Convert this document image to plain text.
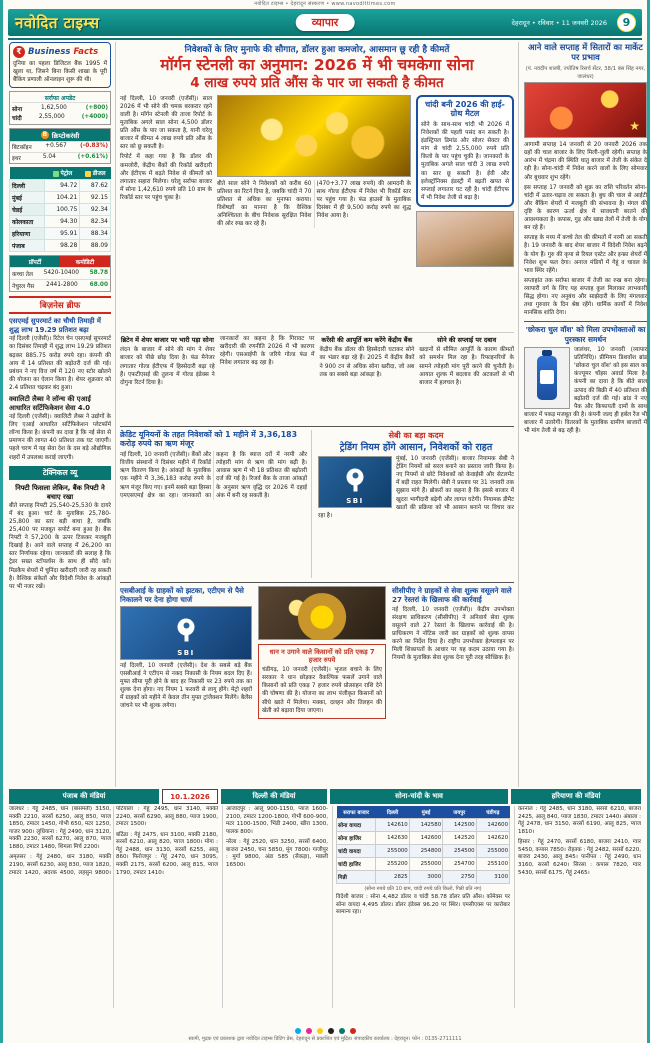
नवोदित टाइम्स • देहरादून संस्करण • www.navodittimes.com
नवोदित टाइम्स	व्यापार	देहरादून • रविवार • 11 जनवरी 2026	9
₹ Business Facts

दुनिया का पहला डिजिटल बैंक 1995 में खुला था, जिसने बिना किसी शाखा के पूरी बैंकिंग प्रणाली ऑनलाइन शुरू की थी।

सर्राफा अपडेट
सोना	1,62,500	(+800)
चांदी	2,55,000	(+4000)
B क्रिप्टोकरंसी
बिटकॉइन +0.567 (-0.83%)
इथर	5.04	(+0.61%)
	पेट्रोल	डीजल
दिल्ली	94.72	87.62
मुंबई	104.21	92.15
चेन्नई	100.75	92.34
कोलकाता	94.30	82.34
हरियाणा	95.91	88.34
पंजाब	98.28	88.09
प्रॉपर्टी	कमोडिटी
कच्चा तेल 5420-10400 58.78
नेचुरल गैस 2441-2800 68.00
बिज़नेस ब्रीफ
एसएमई सुपरमार्ट का चौथी तिमाही में शुद्ध लाभ 19.29 प्रतिशत बढ़ा

नई दिल्ली (एजेंसी)। रिटेल चेन एसएमई सुपरमार्ट का दिसंबर तिमाही में शुद्ध लाभ 19.29 प्रतिशत बढ़कर 885.75 करोड़ रुपये रहा। कंपनी की आय में 14 प्रतिशत की बढ़ोतरी दर्ज की गई। प्रबंधन ने नए वित्त वर्ष में 120 नए स्टोर खोलने की योजना का ऐलान किया है। शेयर शुक्रवार को 2.4 प्रतिशत चढ़कर बंद हुआ।

क्वालिटी लैब्स ने लॉन्च की एआई आधारित सर्टिफिकेशन सेवा 4.0

नई दिल्ली (एजेंसी)। क्वालिटी लैब्स ने उद्योगों के लिए एआई आधारित सर्टिफिकेशन प्लेटफॉर्म लॉन्च किया है। कंपनी का दावा है कि नई सेवा से प्रमाणन की लागत 40 प्रतिशत तक घट जाएगी। पहले चरण में यह सेवा देश के दस बड़े औद्योगिक शहरों में उपलब्ध कराई जाएगी।

टेक्निकल व्यू
निफ्टी फिसला लेकिन, बैंक निफ्टी ने बचाए रखा

बीते सप्ताह निफ्टी 25,540-25,530 के दायरे में बंद हुआ। चार्ट के मुताबिक 25,780-25,800 का स्तर बड़ी बाधा है, जबकि 25,400 पर मजबूत सपोर्ट बना हुआ है। बैंक निफ्टी ने 57,200 के ऊपर टिककर मजबूती दिखाई है। आने वाले सप्ताह में 26,200 का स्तर निर्णायक रहेगा। जानकारों की सलाह है कि ट्रेडर सख्त स्टॉपलॉस के साथ ही सौदे करें। मिडकैप शेयरों में चुनिंदा खरीदारी जारी रह सकती है। वैश्विक संकेतों और विदेशी निवेश के आंकड़ों पर भी नजर रखें।

निवेशकों के लिए मुनाफे की सौगात, डॉलर हुआ कमजोर, आसमान छू रही है कीमतें
मॉर्गन स्टेनली का अनुमान: 2026 में भी चमकेगा सोना
4 लाख रुपये प्रति औंस के पार जा सकती है कीमत

नई दिल्ली, 10 जनवरी (एजेंसी)। साल 2026 में भी सोने की चमक बरकरार रहने वाली है। मॉर्गन स्टेनली की ताजा रिपोर्ट के मुताबिक अगले साल सोना 4,500 डॉलर प्रति औंस के पार जा सकता है, यानी घरेलू बाजार में कीमत 4 लाख रुपये प्रति औंस के स्तर को छू सकती है।

रिपोर्ट में कहा गया है कि डॉलर की कमजोरी, केंद्रीय बैंकों की रिकॉर्ड खरीदारी और ईटीएफ में बढ़ते निवेश से कीमतों को लगातार सहारा मिलेगा। घरेलू सर्राफा बाजार में सोना 1,42,610 रुपये प्रति 10 ग्राम के रिकॉर्ड स्तर पर पहुंच चुका है।

बीते साल सोने ने निवेशकों को करीब 60 प्रतिशत का रिटर्न दिया है, जबकि चांदी ने 70 प्रतिशत से अधिक का मुनाफा कराया। विशेषज्ञों का मानना है कि वैश्विक अनिश्चितता के बीच निवेशक सुरक्षित निवेश की ओर रुख कर रहे हैं।

(470+3.77 लाख रुपये) की आमदनी के साथ गोल्ड ईटीएफ में निवेश भी रिकॉर्ड स्तर पर पहुंच गया है। फंड हाउसों के मुताबिक दिसंबर में ही 9,500 करोड़ रुपये का शुद्ध निवेश आया है।

चांदी बनी 2026 की हाई-ग्रोथ मैटल

सोने के साथ-साथ चांदी भी 2026 में निवेशकों की पहली पसंद बन सकती है। इंडस्ट्रियल डिमांड और सोलर सेक्टर की मांग से चांदी 2,55,000 रुपये प्रति किलो के पार पहुंच चुकी है। जानकारों के मुताबिक अगले साल चांदी 3 लाख रुपये का स्तर छू सकती है। ईवी और इलेक्ट्रॉनिक्स इंडस्ट्री में बढ़ती खपत से सप्लाई लगातार घट रही है। चांदी ईटीएफ में भी निवेश तेजी से बढ़ा है।

ब्रिटेन में शेयर बाजार पर भारी पड़ा सोना

लंदन के बाजार में सोने की मांग ने शेयर बाजार को पीछे छोड़ दिया है। फंड मैनेजर लगातार गोल्ड ईटीएफ में हिस्सेदारी बढ़ा रहे हैं। एफटीएसई की तुलना में गोल्ड इंडेक्स ने दोगुना रिटर्न दिया है।

जानकारों का कहना है कि गिरावट पर खरीदारी की रणनीति 2026 में भी कारगर रहेगी। एसआईपी के जरिये गोल्ड फंड में निवेश लगातार बढ़ रहा है।

करेंसी की आपूर्ति कम करेंगे केंद्रीय बैंक

केंद्रीय बैंक डॉलर की हिस्सेदारी घटाकर सोने का भंडार बढ़ा रहे हैं। 2025 में केंद्रीय बैंकों ने 900 टन से अधिक सोना खरीदा, जो अब तक का सबसे बड़ा आंकड़ा है।

सोने की सप्लाई पर दबाव

खदानों से सीमित आपूर्ति के कारण कीमतों को समर्थन मिल रहा है। रिफाइनरियों के सामने त्योहारी मांग पूरी करने की चुनौती है। आयात शुल्क में बदलाव की अटकलों से भी बाजार में हलचल है।

क्रेडिट यूनियनों के तहत निवेशकों को 1 महीने में 3,36,183 करोड़ रुपये का ऋण मंजूर

नई दिल्ली, 10 जनवरी (एजेंसी)। बैंकों और वित्तीय संस्थानों ने दिसंबर महीने में रिकॉर्ड ऋण वितरण किया है। आंकड़ों के मुताबिक एक महीने में 3,36,183 करोड़ रुपये के ऋण मंजूर किए गए। इनमें सबसे बड़ा हिस्सा एमएसएमई क्षेत्र का रहा। जानकारों का कहना है कि ब्याज दरों में नरमी और त्योहारी मांग से ऋण की मांग बढ़ी है। आवास ऋण में भी 18 प्रतिशत की बढ़ोतरी दर्ज की गई है। रिजर्व बैंक के ताजा आंकड़ों के अनुसार ऋण वृद्धि दर 2026 में दहाई अंक में बनी रह सकती है।

सेबी का बड़ा कदम
ट्रेडिंग नियम होंगे आसान, निवेशकों को राहत
SBI

मुंबई, 10 जनवरी (एजेंसी)। बाजार नियामक सेबी ने ट्रेडिंग नियमों को सरल बनाने का प्रस्ताव जारी किया है। नए नियमों से छोटे निवेशकों को केवाईसी और सेटलमेंट में बड़ी राहत मिलेगी। सेबी ने प्रस्ताव पर 31 जनवरी तक सुझाव मांगे हैं। ब्रोकरों का कहना है कि इससे बाजार में खुदरा भागीदारी बढ़ेगी और लागत घटेगी। नियामक डीमैट खातों की प्रक्रिया को भी आसान बनाने पर विचार कर रहा है।

एसबीआई के ग्राहकों को झटका, एटीएम से पैसे निकालने पर देना होगा चार्ज
SBI

नई दिल्ली, 10 जनवरी (एजेंसी)। देश के सबसे बड़े बैंक एसबीआई ने एटीएम से नकद निकासी के नियम बदल दिए हैं। मुफ्त सीमा पूरी होने के बाद हर निकासी पर 23 रुपये तक का शुल्क देना होगा। नए नियम 1 फरवरी से लागू होंगे। मेट्रो शहरों में ग्राहकों को महीने में केवल तीन मुफ्त ट्रांजैक्शन मिलेंगे। बैलेंस जांचने पर भी शुल्क लगेगा।

धान न उगाने वाले किसानों को प्रति एकड़ 7 हजार रुपये

चंडीगढ़, 10 जनवरी (एजेंसी)। भूजल बचाने के लिए सरकार ने धान छोड़कर वैकल्पिक फसलें उगाने वाले किसानों को प्रति एकड़ 7 हजार रुपये प्रोत्साहन राशि देने की घोषणा की है। योजना का लाभ पंजीकृत किसानों को सीधे खाते में मिलेगा। मक्का, दलहन और तिलहन की खेती को बढ़ावा दिया जाएगा।

सीसीपीए ने ग्राहकों से सेवा शुल्क वसूलने वाले 27 रेस्तरां के खिलाफ की कार्रवाई

नई दिल्ली, 10 जनवरी (एजेंसी)। केंद्रीय उपभोक्ता संरक्षण प्राधिकरण (सीसीपीए) ने अनिवार्य सेवा शुल्क वसूलने वाले 27 रेस्तरां के खिलाफ कार्रवाई की है। प्राधिकरण ने नोटिस जारी कर ग्राहकों को शुल्क वापस करने का निर्देश दिया है। राष्ट्रीय उपभोक्ता हेल्पलाइन पर मिली शिकायतों के आधार पर यह कदम उठाया गया है। नियमों के मुताबिक सेवा शुल्क देना पूरी तरह स्वैच्छिक है।

आने वाले सप्ताह में सितारों का मार्केट पर प्रभाव
(पं. नवदीप शास्त्री, ज्योतिष रिसर्च सेंटर, 38/1 बंस सिंह नगर, जालंधर)
★

आगामी सप्ताह 14 जनवरी से 20 जनवरी 2026 तक ग्रहों की चाल बाजार के लिए मिली-जुली रहेगी। सप्ताह के आरंभ में चंद्रमा की स्थिति धातु बाजार में तेजी के संकेत दे रही है। सोना-चांदी में निवेश करने वालों के लिए सोमवार और बुधवार शुभ रहेंगे।

इस सप्ताह 17 जनवरी को शुक्र का राशि परिवर्तन सोना-चांदी में उतार-चढ़ाव ला सकता है। बुध की चाल से आईटी और बैंकिंग शेयरों में मजबूती की संभावना है। मंगल की दृष्टि के कारण ऊर्जा क्षेत्र में सावधानी बरतने की आवश्यकता है। कपास, गुड़ और खाद्य तेलों में तेजी के योग बन रहे हैं।

सप्ताह के मध्य में कच्चे तेल की कीमतों में नरमी आ सकती है। 19 जनवरी के बाद शेयर बाजार में विदेशी निवेश बढ़ने के योग हैं। गुरु की कृपा से रियल एस्टेट और इन्फ्रा शेयरों में निवेश शुभ फल देगा। अनाज मंडियों में गेहूं व चावल के भाव स्थिर रहेंगे।

सप्ताहांत तक सर्राफा बाजार में तेजी का रुख बना रहेगा। व्यापारी वर्ग के लिए यह सप्ताह कुल मिलाकर लाभकारी सिद्ध होगा। नए अनुबंध और साझेदारी के लिए मंगलवार तथा गुरुवार के दिन श्रेष्ठ रहेंगे। धार्मिक कार्यों में निवेश मानसिक शांति देगा।

'छोकरा चुल वॉश' को मिला उपभोक्ताओं का पुरस्कार समर्थन

जालंधर, 10 जनवरी (व्यापार प्रतिनिधि)। प्रीमियम डिशवॉश ब्रांड 'छोकरा चुल वॉश' को इस साल का कंज्यूमर चॉइस अवार्ड मिला है। कंपनी का दावा है कि बीते साल उत्पाद की बिक्री में 40 प्रतिशत की बढ़ोतरी दर्ज की गई। ब्रांड ने नए पैक और किफायती दामों के साथ बाजार में पकड़ मजबूत की है। कंपनी जल्द ही हर्बल रेंज भी बाजार में उतारेगी। वितरकों के मुताबिक ग्रामीण बाजारों में भी मांग तेजी से बढ़ रही है।

पंजाब की मंडियां	10.1.2026	दिल्ली की मंडियां	सोना-चांदी के भाव	हरियाणा की मंडियां

जालंधर : गेहूं 2485, धान (बासमती) 3150, मक्की 2210, सरसों 6250, आलू 850, प्याज 1850, टमाटर 1450, गोभी 650, मटर 1250, गाजर 900। लुधियाना : गेहूं 2490, धान 3120, मक्की 2230, सरसों 6270, आलू 870, प्याज 1880, टमाटर 1480, शिमला मिर्च 2200।

अमृतसर : गेहूं 2480, धान 3180, मक्की 2190, सरसों 6230, आलू 830, प्याज 1820, टमाटर 1420, अदरक 4500, लहसुन 9800। पटियाला : गेहूं 2495, धान 3140, मक्की 2240, सरसों 6290, आलू 880, प्याज 1900, टमाटर 1500।

बठिंडा : गेहूं 2475, धान 3100, मक्की 2180, सरसों 6210, आलू 820, प्याज 1800। मोगा : गेहूं 2488, धान 3130, सरसों 6255, आलू 860। फिरोजपुर : गेहूं 2470, धान 3095, मक्की 2175, सरसों 6200, आलू 815, प्याज 1790, टमाटर 1410।

आजादपुर : आलू 900-1150, प्याज 1600-2100, टमाटर 1200-1800, गोभी 600-900, मटर 1100-1500, भिंडी 2400, खीरा 1300, पालक 800।

नरेला : गेहूं 2520, धान 3250, सरसों 6400, बाजरा 2450, चना 5850, मूंग 7800। गाजीपुर : मुर्गा 9800, अंडा 585 (सैकड़ा), मछली 16500।

सराफा बाजार	दिल्ली	मुंबई	जयपुर	चंडीगढ़
सोना वायदा	142610	142580	142500	142600
सोना हाजिर	142630	142600	142520	142620
चांदी वायदा	255000	254800	254500	255000
चांदी हाजिर	255200	255000	254700	255100
गिन्नी	2825	3000	2750	3100
(सोना रुपये प्रति 10 ग्राम, चांदी रुपये प्रति किलो, गिन्नी प्रति नग)

विदेशी बाजार : सोना 4,482 डॉलर व चांदी 58.78 डॉलर प्रति औंस। कॉमेक्स पर सोना वायदा 4,495 डॉलर। डॉलर इंडेक्स 96.20 पर स्थिर। एमसीएक्स पर कारोबार सामान्य रहा।

करनाल : गेहूं 2485, धान 3180, सरसों 6210, बाजरा 2425, आलू 840, प्याज 1830, टमाटर 1440। अंबाला : गेहूं 2478, धान 3150, सरसों 6190, आलू 825, प्याज 1810।

हिसार : गेहूं 2470, सरसों 6180, बाजरा 2410, ग्वार 5450, कपास 7850। रोहतक : गेहूं 2482, सरसों 6220, बाजरा 2430, आलू 845। पानीपत : गेहूं 2490, धान 3160, सरसों 6240। सिरसा : कपास 7820, ग्वार 5430, सरसों 6175, गेहूं 2465।

स्वामी, मुद्रक एवं प्रकाशक द्वारा नवोदित टाइम्स प्रिंटिंग प्रेस, देहरादून से प्रकाशित एवं मुद्रित। संपादकीय कार्यालय : देहरादून। फोन : 0135-2711111
